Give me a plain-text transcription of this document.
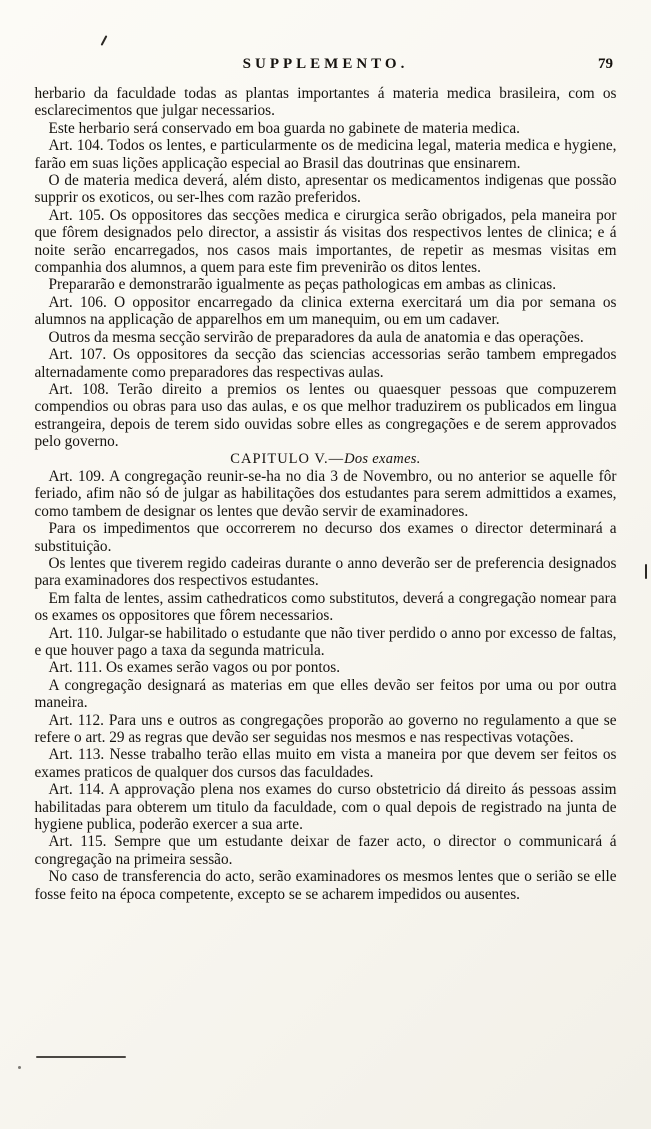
SUPPLEMENTO.	79

herbario da faculdade todas as plantas importantes á materia medica brasileira, com os esclarecimentos que julgar necessarios.

Este herbario será conservado em boa guarda no gabinete de materia medica.

Art. 104. Todos os lentes, e particularmente os de medicina legal, materia medica e hygiene, farão em suas lições applicação especial ao Brasil das doutrinas que ensinarem.

O de materia medica deverá, além disto, apresentar os medicamentos indigenas que possão supprir os exoticos, ou ser-lhes com razão preferidos.

Art. 105. Os oppositores das secções medica e cirurgica serão obrigados, pela maneira por que fôrem designados pelo director, a assistir ás visitas dos respectivos lentes de clinica; e á noite serão encarregados, nos casos mais importantes, de repetir as mesmas visitas em companhia dos alumnos, a quem para este fim prevenirão os ditos lentes.

Prepararão e demonstrarão igualmente as peças pathologicas em ambas as clinicas.

Art. 106. O oppositor encarregado da clinica externa exercitará um dia por semana os alumnos na applicação de apparelhos em um manequim, ou em um cadaver.

Outros da mesma secção servirão de preparadores da aula de anatomia e das operações.

Art. 107. Os oppositores da secção das sciencias accessorias serão tambem empregados alternadamente como preparadores das respectivas aulas.

Art. 108. Terão direito a premios os lentes ou quaesquer pessoas que compuzerem compendios ou obras para uso das aulas, e os que melhor traduzirem os publicados em lingua estrangeira, depois de terem sido ouvidas sobre elles as congregações e de serem approvados pelo governo.

CAPITULO V.—Dos exames.

Art. 109. A congregação reunir-se-ha no dia 3 de Novembro, ou no anterior se aquelle fôr feriado, afim não só de julgar as habilitações dos estudantes para serem admittidos a exames, como tambem de designar os lentes que devão servir de examinadores.

Para os impedimentos que occorrerem no decurso dos exames o director determinará a substituição.

Os lentes que tiverem regido cadeiras durante o anno deverão ser de preferencia designados para examinadores dos respectivos estudantes.

Em falta de lentes, assim cathedraticos como substitutos, deverá a congregação nomear para os exames os oppositores que fôrem necessarios.

Art. 110. Julgar-se habilitado o estudante que não tiver perdido o anno por excesso de faltas, e que houver pago a taxa da segunda matricula.

Art. 111. Os exames serão vagos ou por pontos.

A congregação designará as materias em que elles devão ser feitos por uma ou por outra maneira.

Art. 112. Para uns e outros as congregações proporão ao governo no regulamento a que se refere o art. 29 as regras que devão ser seguidas nos mesmos e nas respectivas votações.

Art. 113. Nesse trabalho terão ellas muito em vista a maneira por que devem ser feitos os exames praticos de qualquer dos cursos das faculdades.

Art. 114. A approvação plena nos exames do curso obstetricio dá direito ás pessoas assim habilitadas para obterem um titulo da faculdade, com o qual depois de registrado na junta de hygiene publica, poderão exercer a sua arte.

Art. 115. Sempre que um estudante deixar de fazer acto, o director o communicará á congregação na primeira sessão.

No caso de transferencia do acto, serão examinadores os mesmos lentes que o serião se elle fosse feito na época competente, excepto se se acharem impedidos ou ausentes.
